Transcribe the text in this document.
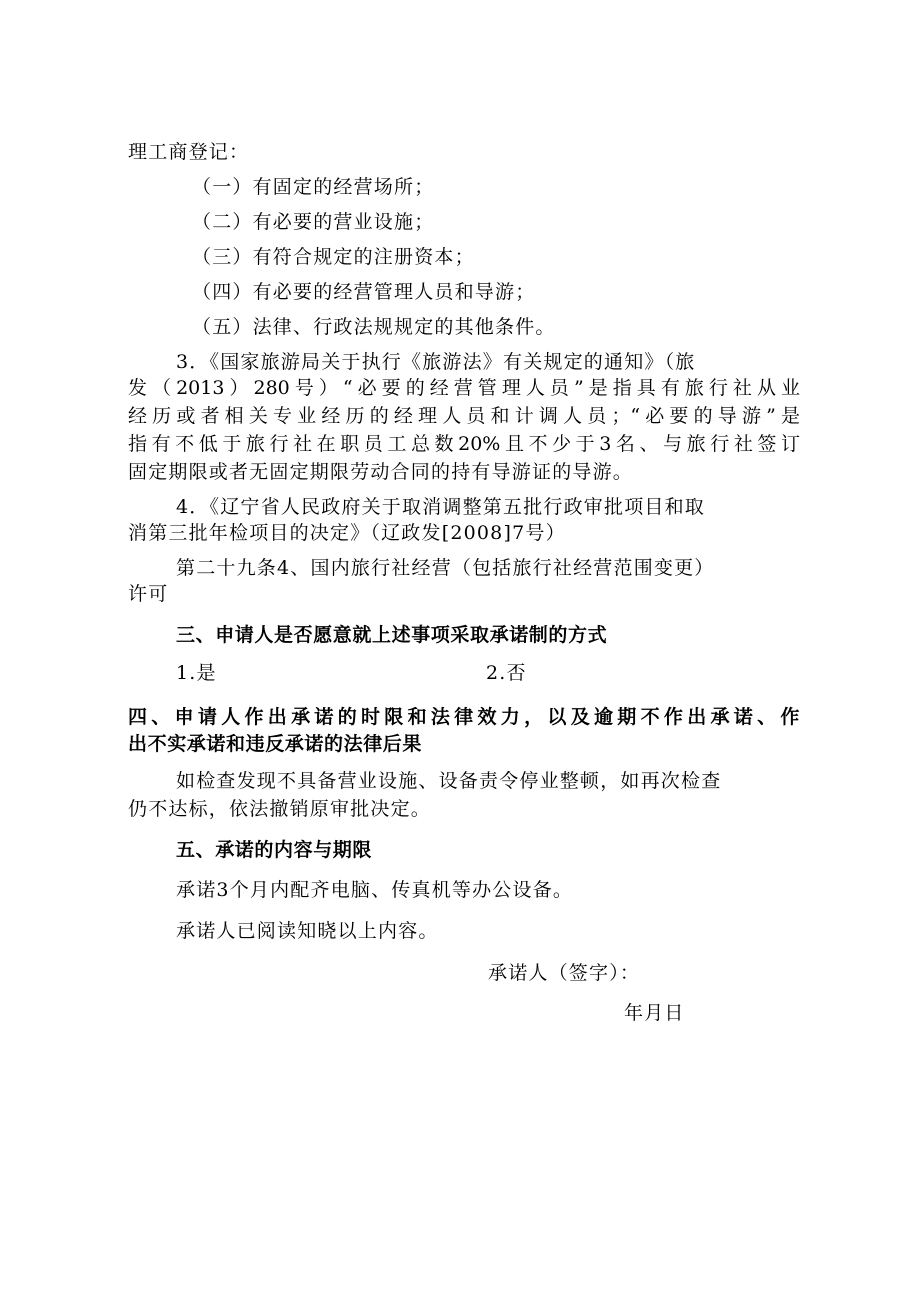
理工商登记：
（一）有固定的经营场所；
（二）有必要的营业设施；
（三）有符合规定的注册资本；
（四）有必要的经营管理人员和导游；
（五）法律、行政法规规定的其他条件。
3．《国家旅游局关于执行《旅游法》有关规定的通知》（旅
发（2013）280号）“必要的经营管理人员”是指具有旅行社从业
经历或者相关专业经历的经理人员和计调人员；“必要的导游”是
指有不低于旅行社在职员工总数20%且不少于3名、与旅行社签订
固定期限或者无固定期限劳动合同的持有导游证的导游。
4．《辽宁省人民政府关于取消调整第五批行政审批项目和取
消第三批年检项目的决定》（辽政发[2008]7号）
第二十九条4、国内旅行社经营（包括旅行社经营范围变更）
许可
三、申请人是否愿意就上述事项采取承诺制的方式
1.是	2.否
四、申请人作出承诺的时限和法律效力，以及逾期不作出承诺、作
出不实承诺和违反承诺的法律后果
如检查发现不具备营业设施、设备责令停业整顿，如再次检查
仍不达标，依法撤销原审批决定。
五、承诺的内容与期限
承诺3个月内配齐电脑、传真机等办公设备。
承诺人已阅读知晓以上内容。
承诺人（签字）：
年月日
